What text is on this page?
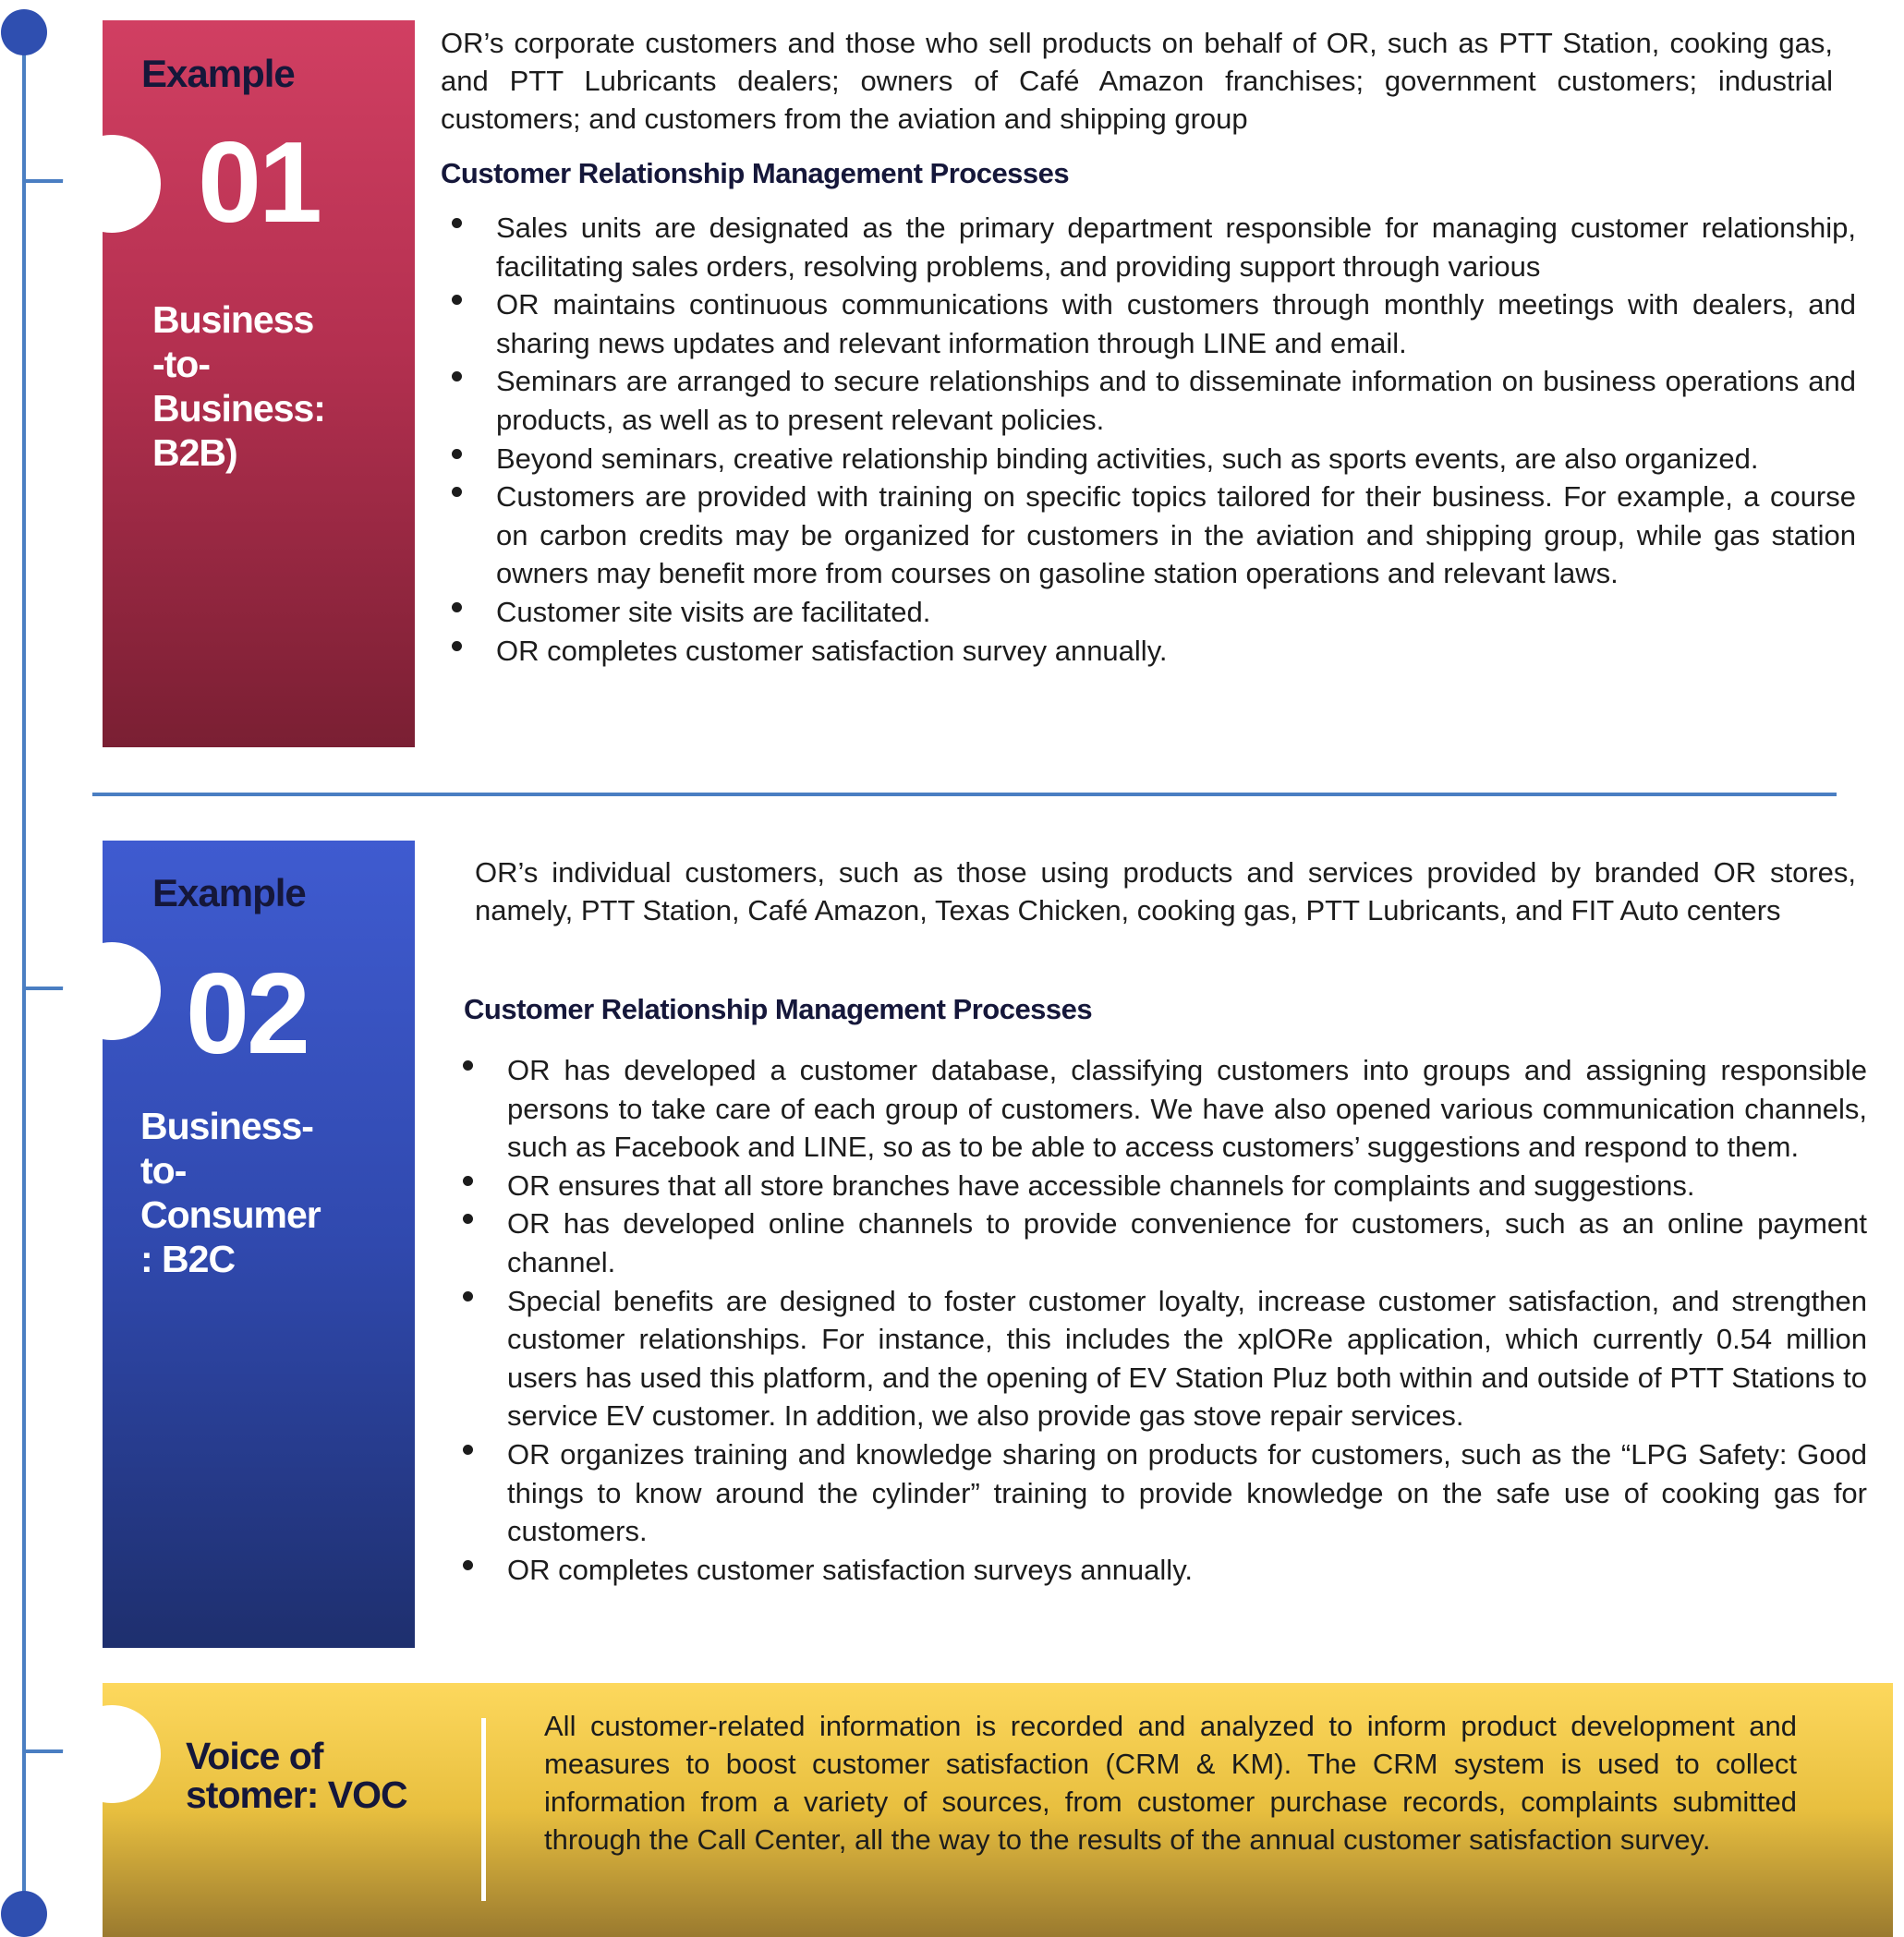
Example
01
Business
-to-
Business:
B2B)
OR’s corporate customers and those who sell products on behalf of OR, such as PTT Station, cooking gas, and PTT Lubricants dealers; owners of Café Amazon franchises; government customers; industrial customers; and customers from the aviation and shipping group
Customer Relationship Management Processes
Sales units are designated as the primary department responsible for managing customer relationship, facilitating sales orders, resolving problems, and providing support through various
OR maintains continuous communications with customers through monthly meetings with dealers, and sharing news updates and relevant information through LINE and email.
Seminars are arranged to secure relationships and to disseminate information on business operations and products, as well as to present relevant policies.
Beyond seminars, creative relationship binding activities, such as sports events, are also organized.
Customers are provided with training on specific topics tailored for their business. For example, a course on carbon credits may be organized for customers in the aviation and shipping group, while gas station owners may benefit more from courses on gasoline station operations and relevant laws.
Customer site visits are facilitated.
OR completes customer satisfaction survey annually.
Example
02
Business-
to-
Consumer
: B2C
OR’s individual customers, such as those using products and services provided by branded OR stores, namely, PTT Station, Café Amazon, Texas Chicken, cooking gas, PTT Lubricants, and FIT Auto centers
Customer Relationship Management Processes
OR has developed a customer database, classifying customers into groups and assigning responsible persons to take care of each group of customers. We have also opened various communication channels, such as Facebook and LINE, so as to be able to access customers’ suggestions and respond to them.
OR ensures that all store branches have accessible channels for complaints and suggestions.
OR has developed online channels to provide convenience for customers, such as an online payment channel.
Special benefits are designed to foster customer loyalty, increase customer satisfaction, and strengthen customer relationships. For instance, this includes the xplORe application, which currently 0.54 million users has used this platform, and the opening of EV Station Pluz both within and outside of PTT Stations to service EV customer. In addition, we also provide gas stove repair services.
OR organizes training and knowledge sharing on products for customers, such as the “LPG Safety: Good things to know around the cylinder” training to provide knowledge on the safe use of cooking gas for customers.
OR completes customer satisfaction surveys annually.
Voice of
stomer: VOC
All customer-related information is recorded and analyzed to inform product development and measures to boost customer satisfaction (CRM & KM). The CRM system is used to collect information from a variety of sources, from customer purchase records, complaints submitted through the Call Center, all the way to the results of the annual customer satisfaction survey.
